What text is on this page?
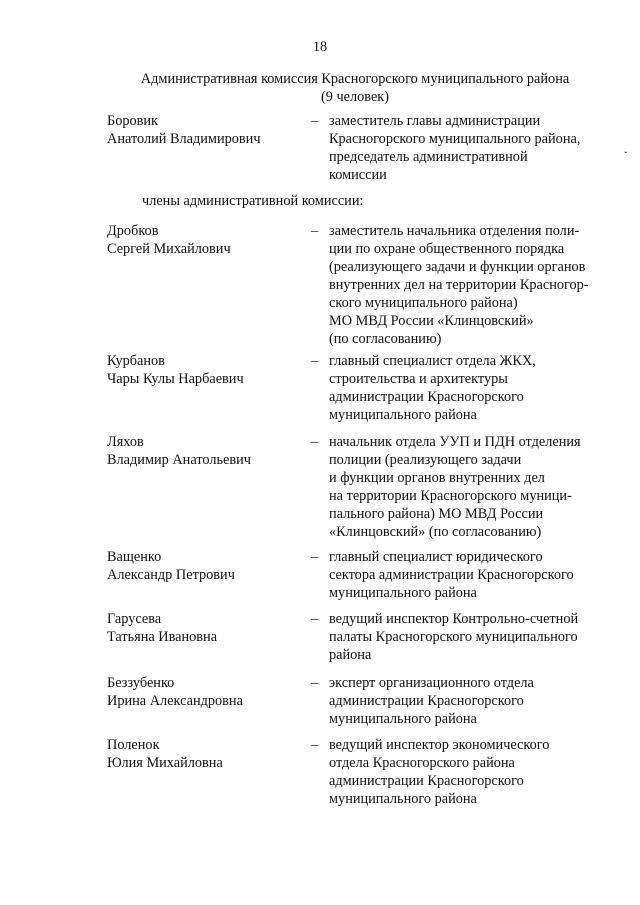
18
Административная комиссия Красногорского муниципального района
(9 человек)
ˇ
Боровик
Анатолий Владимирович
– заместитель главы администрации
Красногорского муниципального района,
председатель административной
комиссии
члены административной комиссии:
Дробков
Сергей Михайлович
– заместитель начальника отделения поли-
ции по охране общественного порядка
(реализующего задачи и функции органов
внутренних дел на территории Красногор-
ского муниципального района)
МО МВД России «Клинцовский»
(по согласованию)
Курбанов
Чары Кулы Нарбаевич
– главный специалист отдела ЖКХ,
строительства и архитектуры
администрации Красногорского
муниципального района
Ляхов
Владимир Анатольевич
– начальник отдела УУП и ПДН отделения
полиции (реализующего задачи
и функции органов внутренних дел
на территории Красногорского муници-
пального района) МО МВД России
«Клинцовский» (по согласованию)
Ващенко
Александр Петрович
– главный специалист юридического
сектора администрации Красногорского
муниципального района
Гарусева
Татьяна Ивановна
– ведущий инспектор Контрольно-счетной
палаты Красногорского муниципального
района
Беззубенко
Ирина Александровна
– эксперт организационного отдела
администрации Красногорского
муниципального района
Поленок
Юлия Михайловна
– ведущий инспектор экономического
отдела Красногорского района
администрации Красногорского
муниципального района
